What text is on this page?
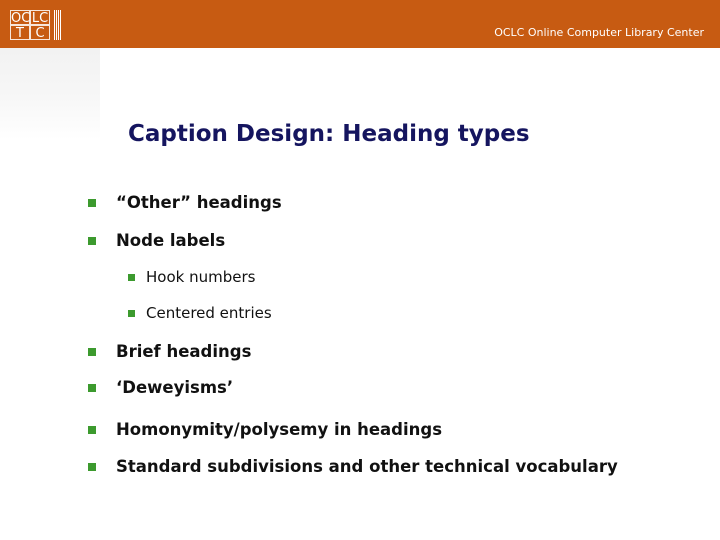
OC LC
T C	OCLC Online Computer Library Center
Caption Design: Heading types
“Other” headings
Node labels
Hook numbers
Centered entries
Brief headings
‘Deweyisms’
Homonymity/polysemy in headings
Standard subdivisions and other technical vocabulary
